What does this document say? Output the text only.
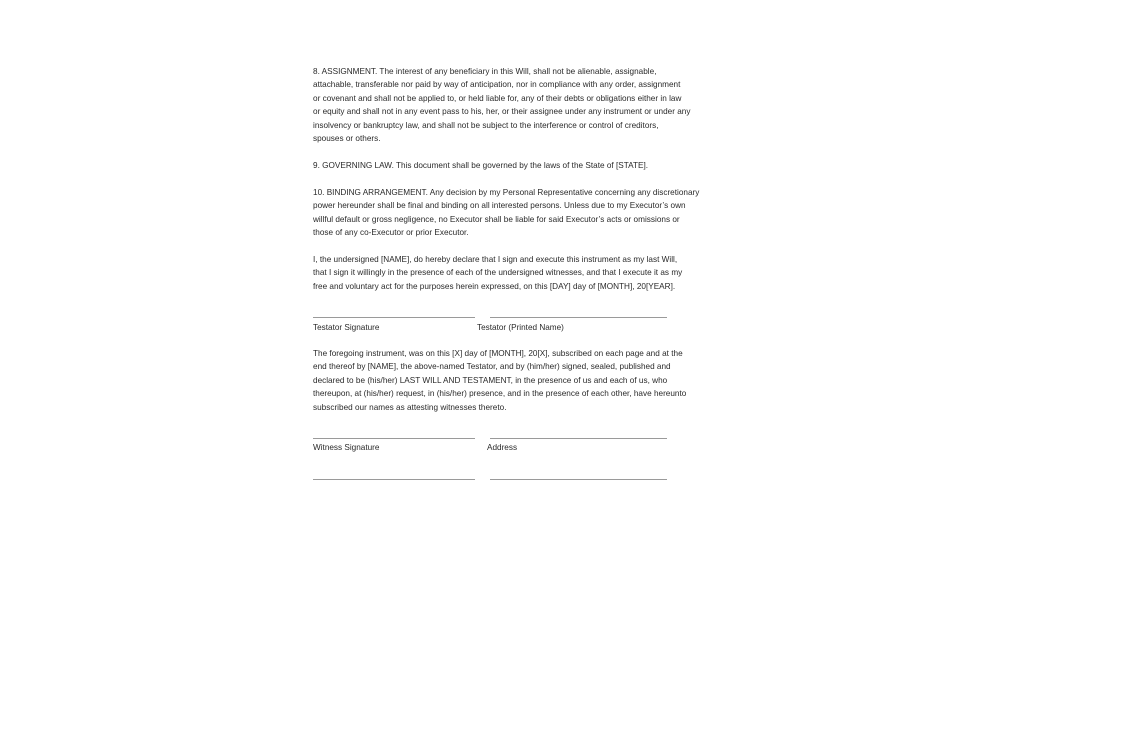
8. ASSIGNMENT. The interest of any beneficiary in this Will, shall not be alienable, assignable,
attachable, transferable nor paid by way of anticipation, nor in compliance with any order, assignment
or covenant and shall not be applied to, or held liable for, any of their debts or obligations either in law
or equity and shall not in any event pass to his, her, or their assignee under any instrument or under any
insolvency or bankruptcy law, and shall not be subject to the interference or control of creditors,
spouses or others.
9. GOVERNING LAW. This document shall be governed by the laws of the State of [STATE].
10. BINDING ARRANGEMENT. Any decision by my Personal Representative concerning any discretionary
power hereunder shall be final and binding on all interested persons. Unless due to my Executor’s own
willful default or gross negligence, no Executor shall be liable for said Executor’s acts or omissions or
those of any co-Executor or prior Executor.
I, the undersigned [NAME], do hereby declare that I sign and execute this instrument as my last Will,
that I sign it willingly in the presence of each of the undersigned witnesses, and that I execute it as my
free and voluntary act for the purposes herein expressed, on this [DAY] day of [MONTH], 20[YEAR].
Testator Signature	Testator (Printed Name)
The foregoing instrument, was on this [X] day of [MONTH], 20[X], subscribed on each page and at the
end thereof by [NAME], the above-named Testator, and by (him/her) signed, sealed, published and
declared to be (his/her) LAST WILL AND TESTAMENT, in the presence of us and each of us, who
thereupon, at (his/her) request, in (his/her) presence, and in the presence of each other, have hereunto
subscribed our names as attesting witnesses thereto.
Witness Signature	Address
